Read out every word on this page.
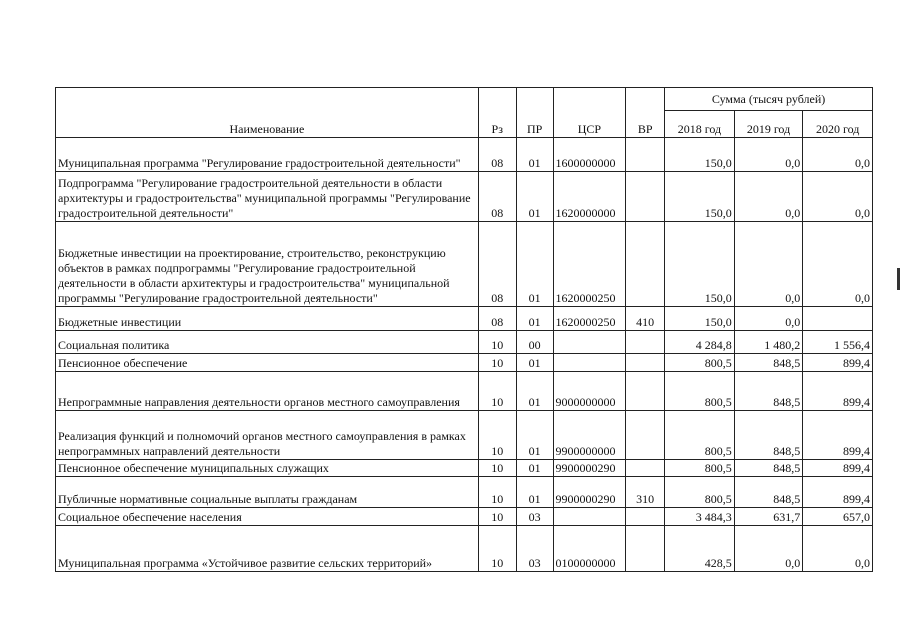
Наименование	Рз	ПР	ЦСР	ВР	Сумма (тысяч рублей)		
					2018 год	2019 год	2020 год
Муниципальная программа "Регулирование градостроительной деятельности"	08	01	1600000000		150,0	0,0	0,0
Подпрограмма "Регулирование градостроительной деятельности в области архитектуры и градостроительства" муниципальной программы "Регулирование градостроительной деятельности"	08	01	1620000000		150,0	0,0	0,0
Бюджетные инвестиции на проектирование, строительство, реконструкцию объектов в рамках подпрограммы "Регулирование градостроительной деятельности в области архитектуры и градостроительства" муниципальной программы "Регулирование градостроительной деятельности"	08	01	1620000250		150,0	0,0	0,0
Бюджетные инвестиции	08	01	1620000250	410	150,0	0,0	
Социальная политика	10	00			4 284,8	1 480,2	1 556,4
Пенсионное обеспечение	10	01			800,5	848,5	899,4
Непрограммные направления деятельности органов местного самоуправления	10	01	9000000000		800,5	848,5	899,4
Реализация функций и полномочий органов местного самоуправления в рамках непрограммных направлений деятельности	10	01	9900000000		800,5	848,5	899,4
Пенсионное обеспечение муниципальных служащих	10	01	9900000290		800,5	848,5	899,4
Публичные нормативные социальные выплаты гражданам	10	01	9900000290	310	800,5	848,5	899,4
Социальное обеспечение населения	10	03			3 484,3	631,7	657,0
Муниципальная программа «Устойчивое развитие сельских территорий»	10	03	0100000000		428,5	0,0	0,0
